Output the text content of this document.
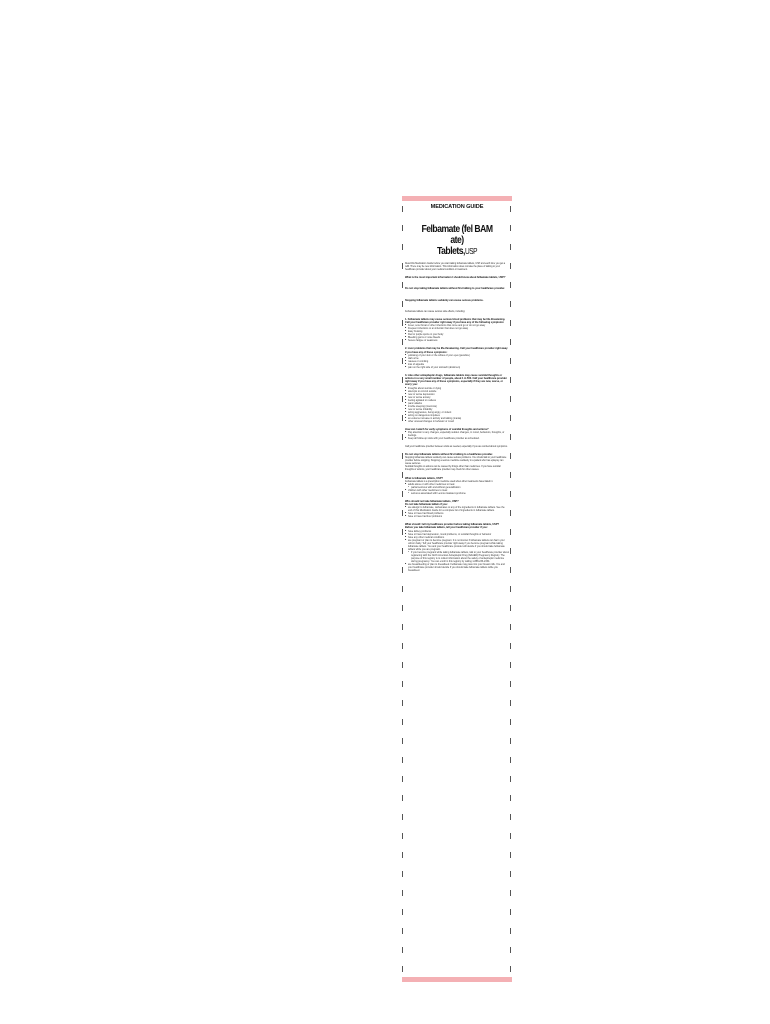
MEDICATION GUIDE
Felbamate (fel BAM ate)
Tablets,USP

Read this Medication Guide before you start taking felbamate tablets, USP and each time you get a refill. There may be new information. This information does not take the place of talking to your healthcare provider about your medical condition or treatment.

What is the most important information I should know about felbamate tablets, USP?

Do not stop taking felbamate tablets without first talking to your healthcare provider.

Stopping felbamate tablets suddenly can cause serious problems.

Felbamate tablets can cause serious side effects, including:

1. Felbamate tablets may cause serious blood problems that may be life-threatening. Call your healthcare provider right away if you have any of the following symptoms:

■ Fever, sore throat or other infections that come and go or do not go away

■ Frequent infections or an infection that does not go away

■ Easy bruising

■ Red or purple spots on your body

■ Bleeding gums or nose bleeds

■ Severe fatigue or weakness

2. Liver problems that may be life-threatening. Call your healthcare provider right away if you have any of these symptoms:

■ yellowing of your skin or the whites of your eyes (jaundice)

■ dark urine

■ nausea or vomiting

■ loss of appetite

■ pain on the right side of your stomach (abdomen)

3. Like other antiepileptic drugs, felbamate tablets may cause suicidal thoughts or actions in a very small number of people, about 1 in 500. Call your healthcare provider right away if you have any of these symptoms, especially if they are new, worse, or worry you:

■ thoughts about suicide or dying

■ attempts to commit suicide

■ new or worse depression

■ new or worse anxiety

■ feeling agitated or restless

■ panic attacks

■ trouble sleeping (insomnia)

■ new or worse irritability

■ acting aggressive, being angry, or violent

■ acting on dangerous impulses

■ an extreme increase in activity and talking (mania)

■ other unusual changes in behavior or mood

How can I watch for early symptoms of suicidal thoughts and actions?

■ Pay attention to any changes, especially sudden changes, in mood, behaviors, thoughts, or feelings.

■ Keep all follow-up visits with your healthcare provider as scheduled.

Call your healthcare provider between visits as needed, especially if you are worried about symptoms.

Do not stop felbamate tablets without first talking to a healthcare provider.

Stopping felbamate tablets suddenly can cause serious problems. You should talk to your healthcare provider before stopping. Stopping a seizure medicine suddenly in a patient who has epilepsy can cause seizures.

Suicidal thoughts or actions can be caused by things other than medicines. If you have suicidal thoughts or actions, your healthcare provider may check for other causes.

What is felbamate tablets, USP?

Felbamate tablets is a prescription medicine used when other treatments have failed in:

■ adults alone or with other medicines to treat:

o partial seizures with and without generalization

■ children with other medicines to treat:

o seizures associated with Lennox-Gastaut syndrome

Who should not take felbamate tablets, USP?

Do not take felbamate tablets if you:

■ are allergic to felbamate, carbamates or any of the ingredients in felbamate tablets. See the end of this Medication Guide for a complete list of ingredients in felbamate tablets.

■ have or have had blood problems

■ have or have had liver problems

What should I tell my healthcare provider before taking felbamate tablets, USP?

Before you take felbamate tablets, tell your healthcare provider if you:

■ have kidney problems

■ have or have had depression, mood problems, or suicidal thoughts or behavior

■ have any other medical conditions

■ are pregnant or plan to become pregnant. It is not known if felbamate tablets can harm your unborn baby. Tell your healthcare provider right away if you become pregnant while taking felbamate tablets. You and your healthcare provider will decide if you should take felbamate tablets while you are pregnant.

o If you become pregnant while taking felbamate tablets, talk to your healthcare provider about registering with the North American Antiepileptic Drug (NAAED) Pregnancy Registry. The purpose of this registry is to collect information about the safety of antiepileptic medicine during pregnancy. You can enroll in this registry by calling 1-888-233-2334.

■ are breastfeeding or plan to breastfeed. Felbamate may pass into your breast milk. You and your healthcare provider should decide if you should take felbamate tablets while you breastfeed.
